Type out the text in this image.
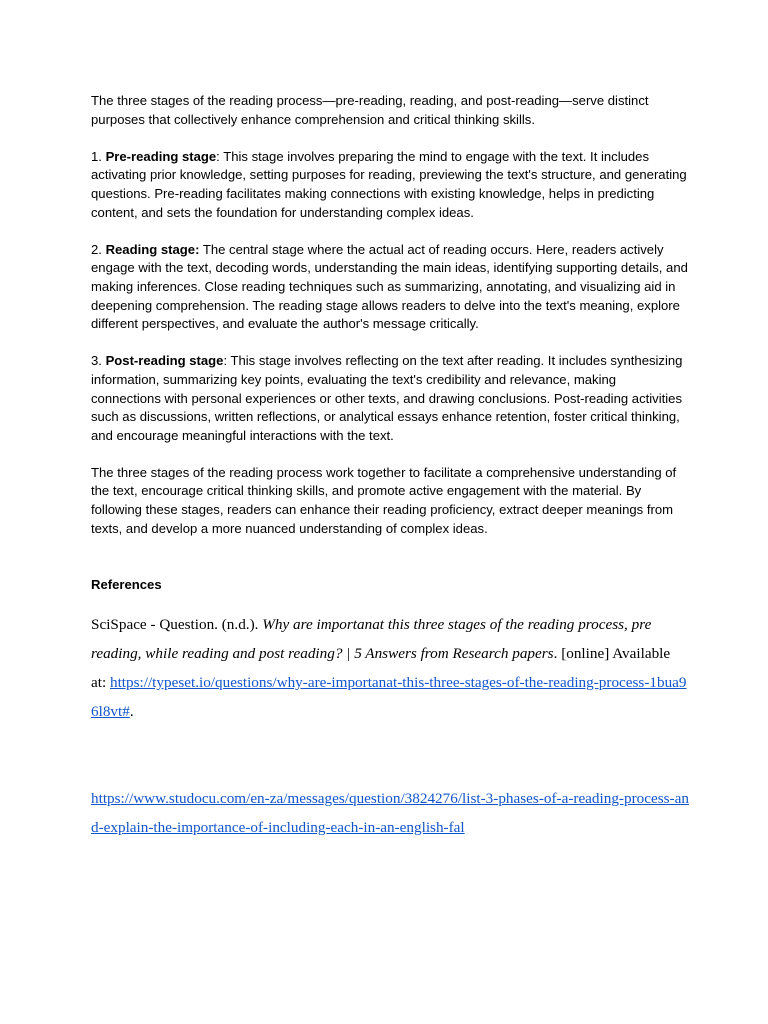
The three stages of the reading process—pre-reading, reading, and post-reading—serve distinct purposes that collectively enhance comprehension and critical thinking skills.

1. Pre-reading stage: This stage involves preparing the mind to engage with the text. It includes activating prior knowledge, setting purposes for reading, previewing the text's structure, and generating questions. Pre-reading facilitates making connections with existing knowledge, helps in predicting content, and sets the foundation for understanding complex ideas.

2. Reading stage: The central stage where the actual act of reading occurs. Here, readers actively engage with the text, decoding words, understanding the main ideas, identifying supporting details, and making inferences. Close reading techniques such as summarizing, annotating, and visualizing aid in deepening comprehension. The reading stage allows readers to delve into the text's meaning, explore different perspectives, and evaluate the author's message critically.

3. Post-reading stage: This stage involves reflecting on the text after reading. It includes synthesizing information, summarizing key points, evaluating the text's credibility and relevance, making connections with personal experiences or other texts, and drawing conclusions. Post-reading activities such as discussions, written reflections, or analytical essays enhance retention, foster critical thinking, and encourage meaningful interactions with the text.

The three stages of the reading process work together to facilitate a comprehensive understanding of the text, encourage critical thinking skills, and promote active engagement with the material. By following these stages, readers can enhance their reading proficiency, extract deeper meanings from texts, and develop a more nuanced understanding of complex ideas.

References

SciSpace - Question. (n.d.). Why are importanat this three stages of the reading process, pre reading, while reading and post reading? | 5 Answers from Research papers. [online] Available at: https://typeset.io/questions/why-are-importanat-this-three-stages-of-the-reading-process-1bua96l8vt#.

https://www.studocu.com/en-za/messages/question/3824276/list-3-phases-of-a-reading-process-and-explain-the-importance-of-including-each-in-an-english-fal
